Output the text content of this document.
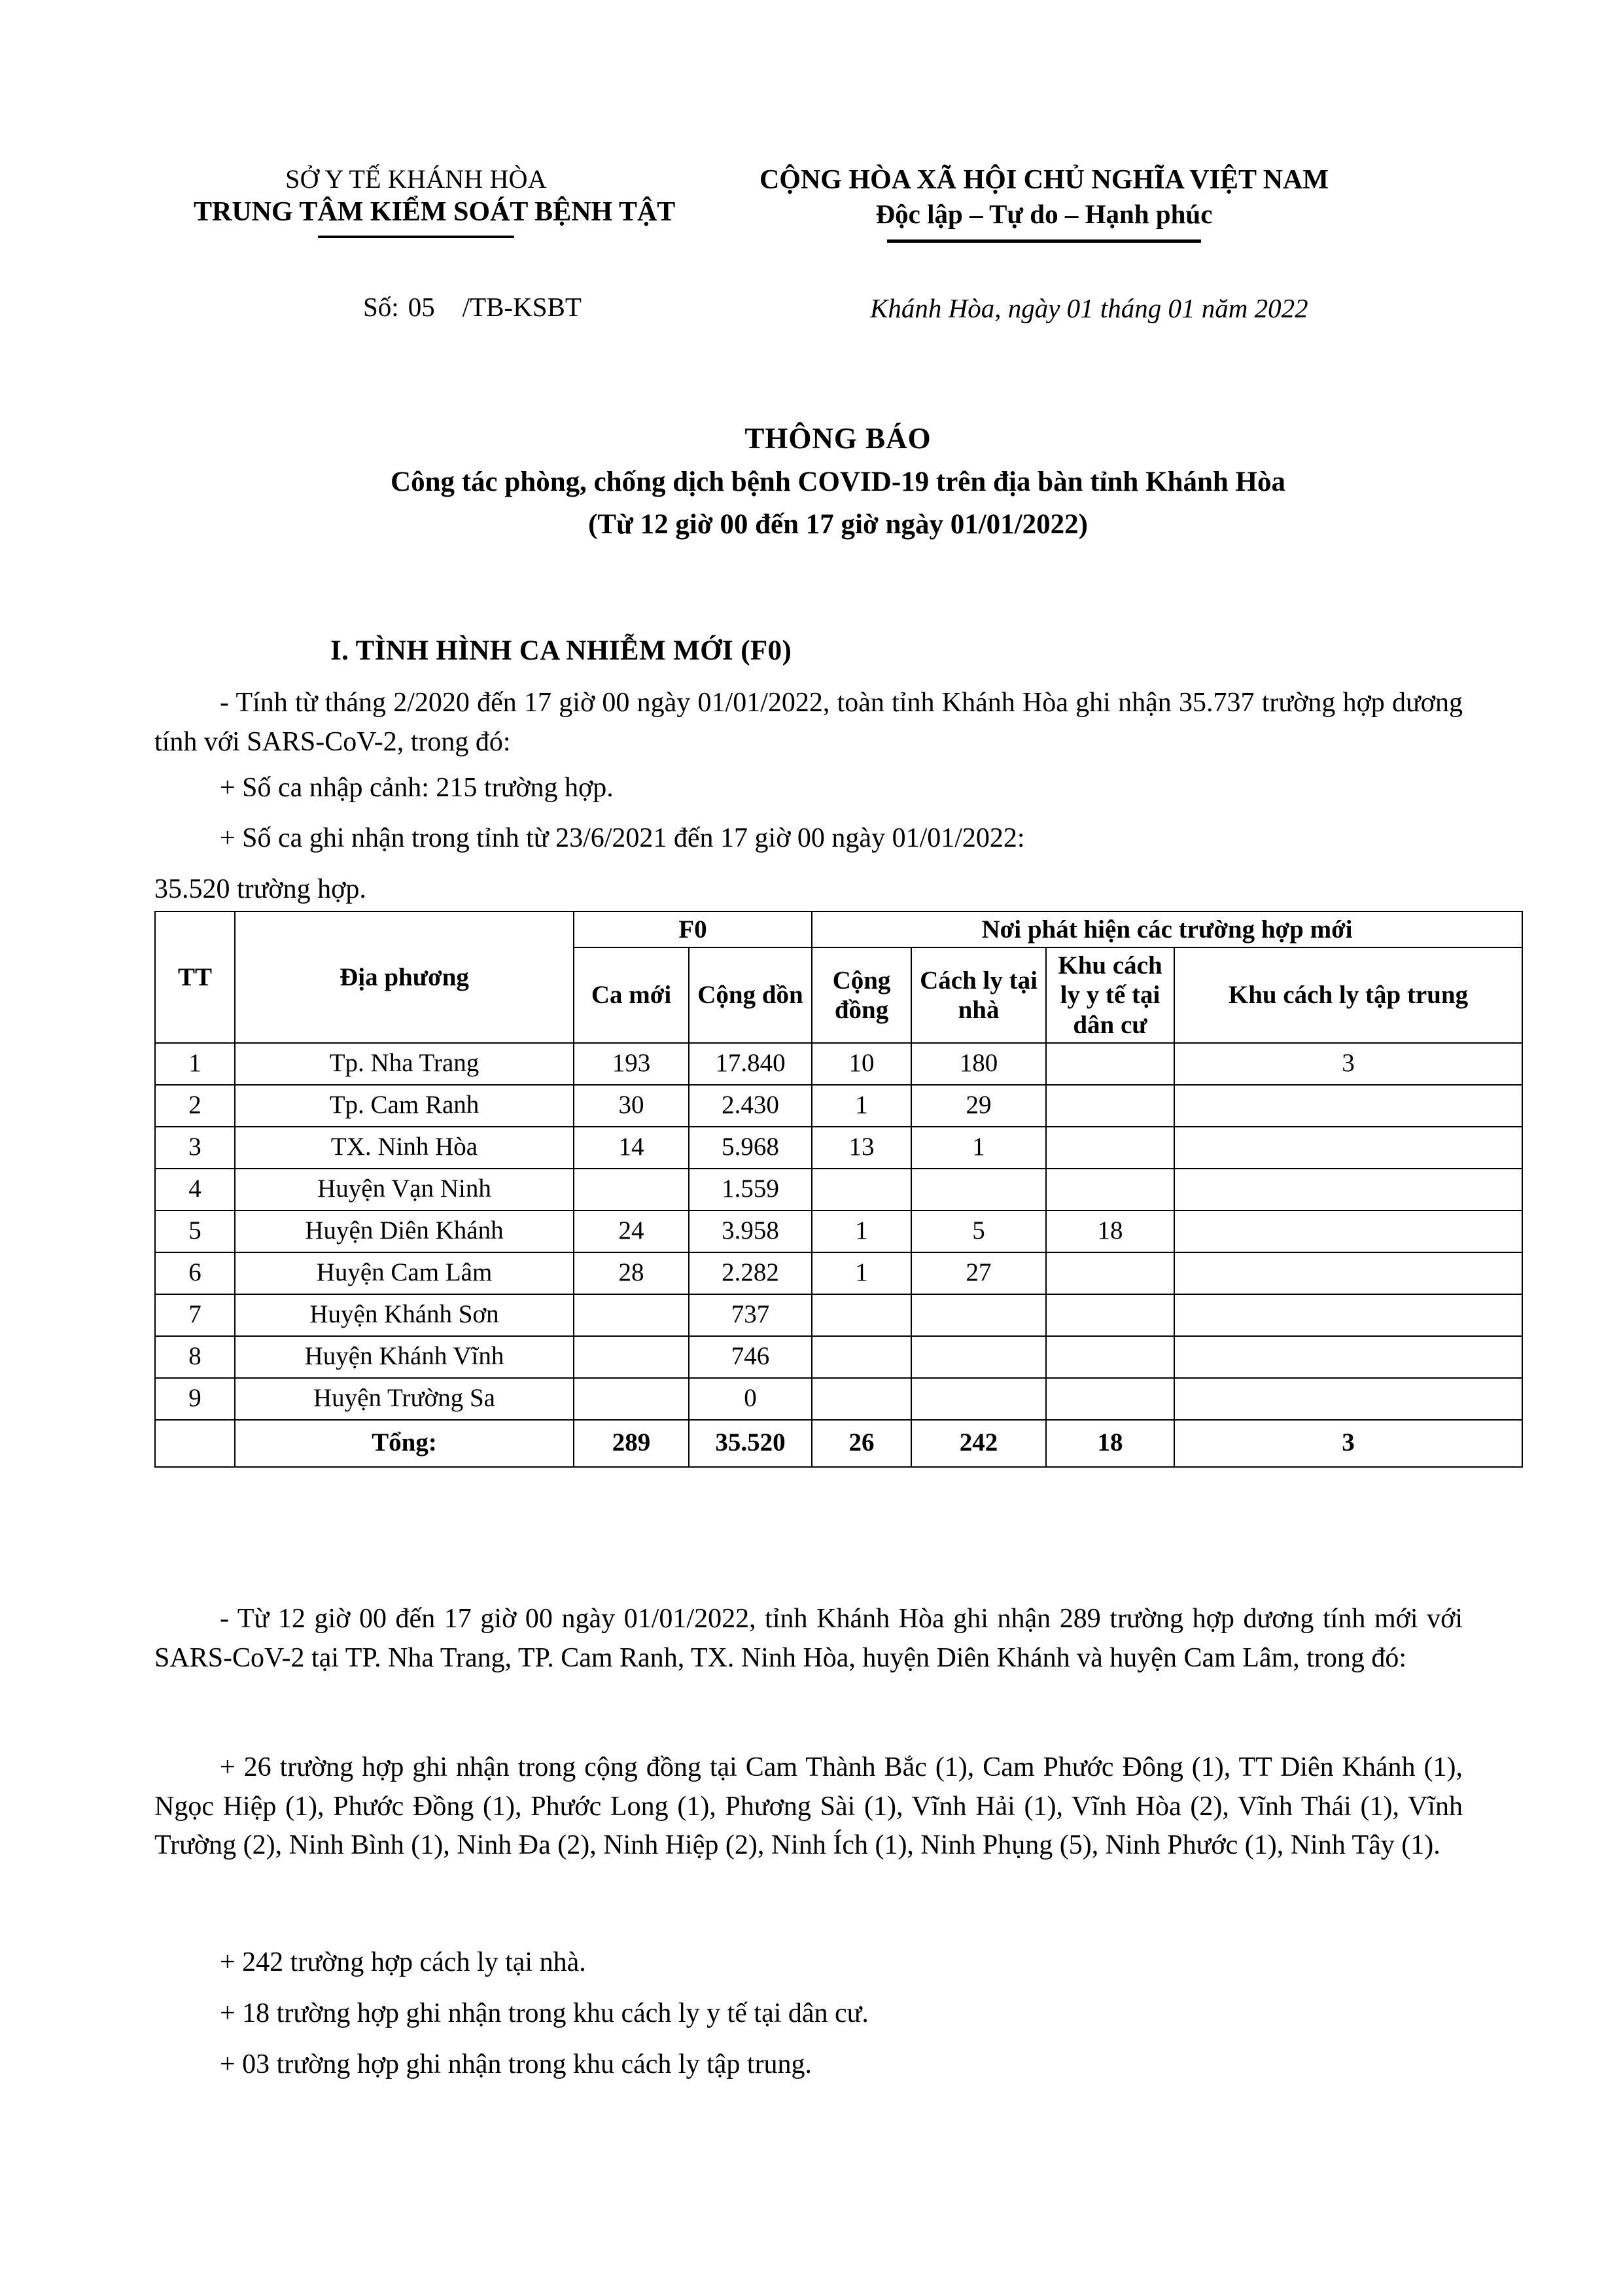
SỞ Y TẾ KHÁNH HÒA
TRUNG TÂM KIỂM SOÁT BỆNH TẬT
CỘNG HÒA XÃ HỘI CHỦ NGHĨA VIỆT NAM
Độc lập – Tự do – Hạnh phúc
Số: 05 /TB-KSBT	Khánh Hòa, ngày 01 tháng 01 năm 2022
THÔNG BÁO
Công tác phòng, chống dịch bệnh COVID-19 trên địa bàn tỉnh Khánh Hòa
(Từ 12 giờ 00 đến 17 giờ ngày 01/01/2022)
I. TÌNH HÌNH CA NHIỄM MỚI (F0)
- Tính từ tháng 2/2020 đến 17 giờ 00 ngày 01/01/2022, toàn tỉnh Khánh Hòa ghi nhận 35.737 trường hợp dương tính với SARS-CoV-2, trong đó:
+ Số ca nhập cảnh: 215 trường hợp.
+ Số ca ghi nhận trong tỉnh từ 23/6/2021 đến 17 giờ 00 ngày 01/01/2022:
35.520 trường hợp.
TT	Địa phương	F0		Nơi phát hiện các trường hợp mới			
		Ca mới	Cộng dồn	Cộng đồng	Cách ly tại nhà	Khu cách ly y tế tại dân cư	Khu cách ly tập trung

1	Tp. Nha Trang	193	17.840	10	180		3
2	Tp. Cam Ranh	30	2.430	1	29		
3	TX. Ninh Hòa	14	5.968	13	1		
4	Huyện Vạn Ninh		1.559				
5	Huyện Diên Khánh	24	3.958	1	5	18	
6	Huyện Cam Lâm	28	2.282	1	27		
7	Huyện Khánh Sơn		737				
8	Huyện Khánh Vĩnh		746				
9	Huyện Trường Sa		0				
	Tổng:	289	35.520	26	242	18	3
- Từ 12 giờ 00 đến 17 giờ 00 ngày 01/01/2022, tỉnh Khánh Hòa ghi nhận 289 trường hợp dương tính mới với SARS-CoV-2 tại TP. Nha Trang, TP. Cam Ranh, TX. Ninh Hòa, huyện Diên Khánh và huyện Cam Lâm, trong đó:
+ 26 trường hợp ghi nhận trong cộng đồng tại Cam Thành Bắc (1), Cam Phước Đông (1), TT Diên Khánh (1), Ngọc Hiệp (1), Phước Đồng (1), Phước Long (1), Phương Sài (1), Vĩnh Hải (1), Vĩnh Hòa (2), Vĩnh Thái (1), Vĩnh Trường (2), Ninh Bình (1), Ninh Đa (2), Ninh Hiệp (2), Ninh Ích (1), Ninh Phụng (5), Ninh Phước (1), Ninh Tây (1).
+ 242 trường hợp cách ly tại nhà.
+ 18 trường hợp ghi nhận trong khu cách ly y tế tại dân cư.
+ 03 trường hợp ghi nhận trong khu cách ly tập trung.
